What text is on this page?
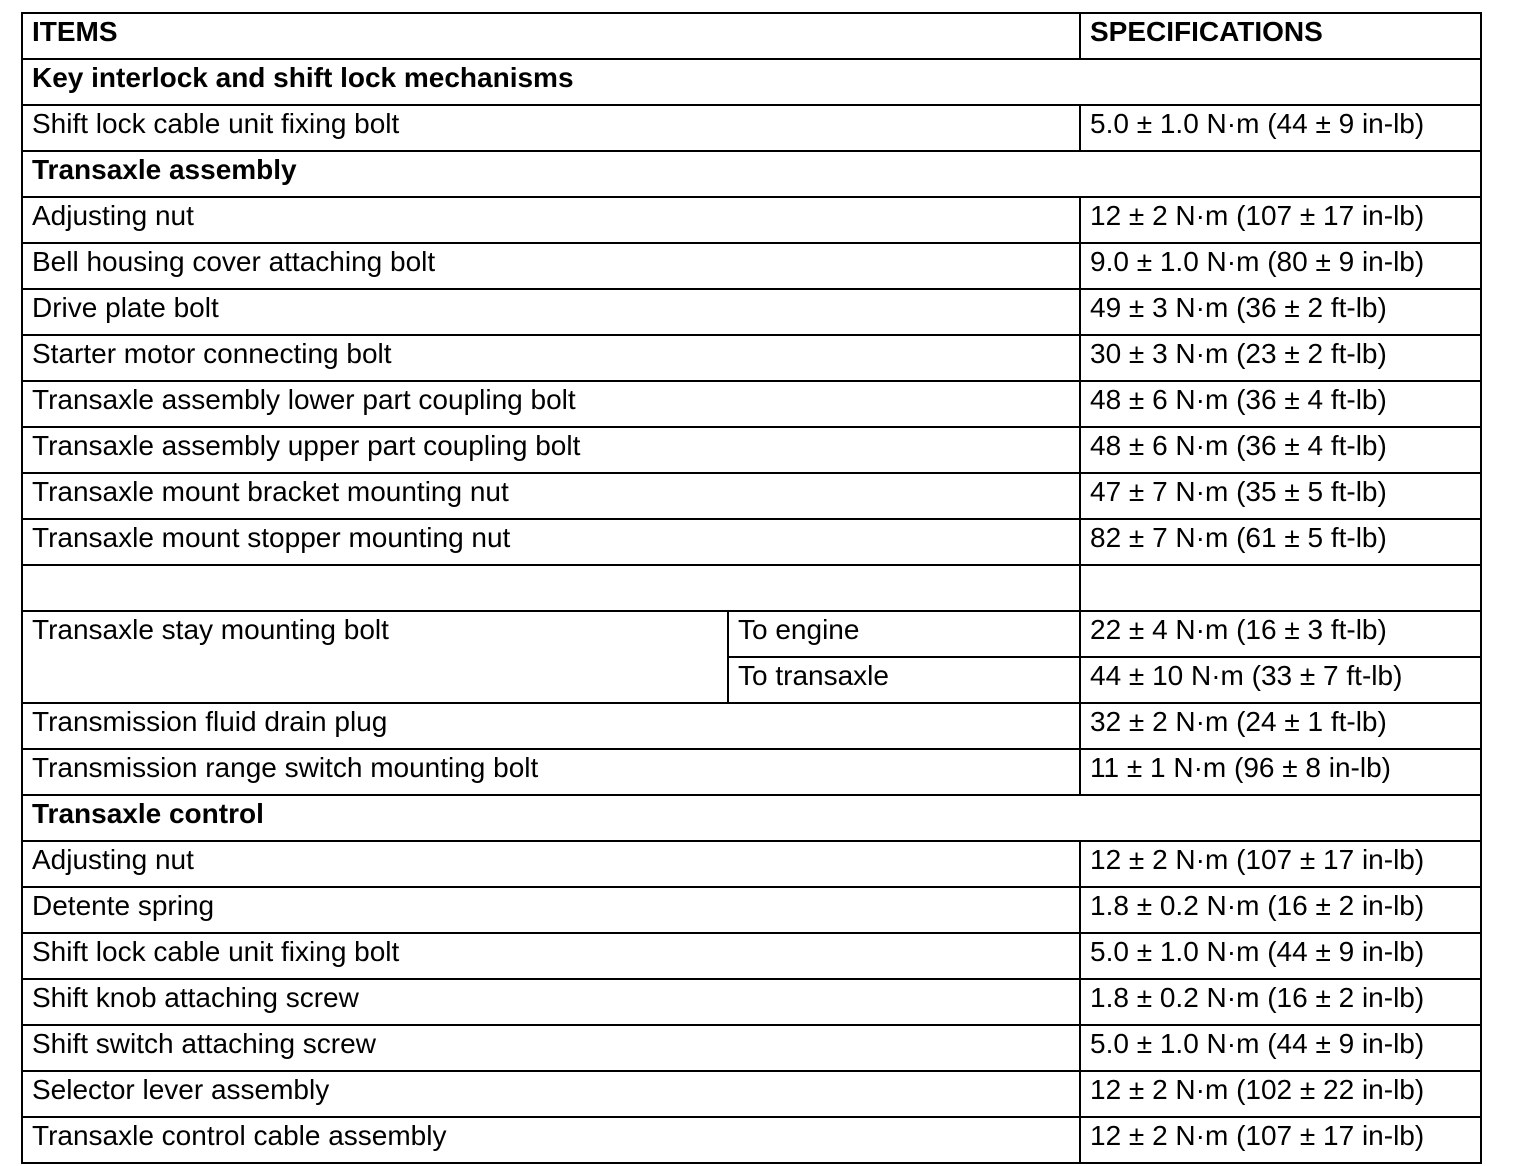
ITEMS		SPECIFICATIONS
Key interlock and shift lock mechanisms		
Shift lock cable unit fixing bolt		5.0 ± 1.0 N·m (44 ± 9 in-lb)
Transaxle assembly		
Adjusting nut		12 ± 2 N·m (107 ± 17 in-lb)
Bell housing cover attaching bolt		9.0 ± 1.0 N·m (80 ± 9 in-lb)
Drive plate bolt		49 ± 3 N·m (36 ± 2 ft-lb)
Starter motor connecting bolt		30 ± 3 N·m (23 ± 2 ft-lb)
Transaxle assembly lower part coupling bolt		48 ± 6 N·m (36 ± 4 ft-lb)
Transaxle assembly upper part coupling bolt		48 ± 6 N·m (36 ± 4 ft-lb)
Transaxle mount bracket mounting nut		47 ± 7 N·m (35 ± 5 ft-lb)
Transaxle mount stopper mounting nut		82 ± 7 N·m (61 ± 5 ft-lb)

Transaxle stay mounting bolt	To engine	22 ± 4 N·m (16 ± 3 ft-lb)
	To transaxle	44 ± 10 N·m (33 ± 7 ft-lb)
Transmission fluid drain plug		32 ± 2 N·m (24 ± 1 ft-lb)
Transmission range switch mounting bolt		11 ± 1 N·m (96 ± 8 in-lb)
Transaxle control		
Adjusting nut		12 ± 2 N·m (107 ± 17 in-lb)
Detente spring		1.8 ± 0.2 N·m (16 ± 2 in-lb)
Shift lock cable unit fixing bolt		5.0 ± 1.0 N·m (44 ± 9 in-lb)
Shift knob attaching screw		1.8 ± 0.2 N·m (16 ± 2 in-lb)
Shift switch attaching screw		5.0 ± 1.0 N·m (44 ± 9 in-lb)
Selector lever assembly		12 ± 2 N·m (102 ± 22 in-lb)
Transaxle control cable assembly		12 ± 2 N·m (107 ± 17 in-lb)
